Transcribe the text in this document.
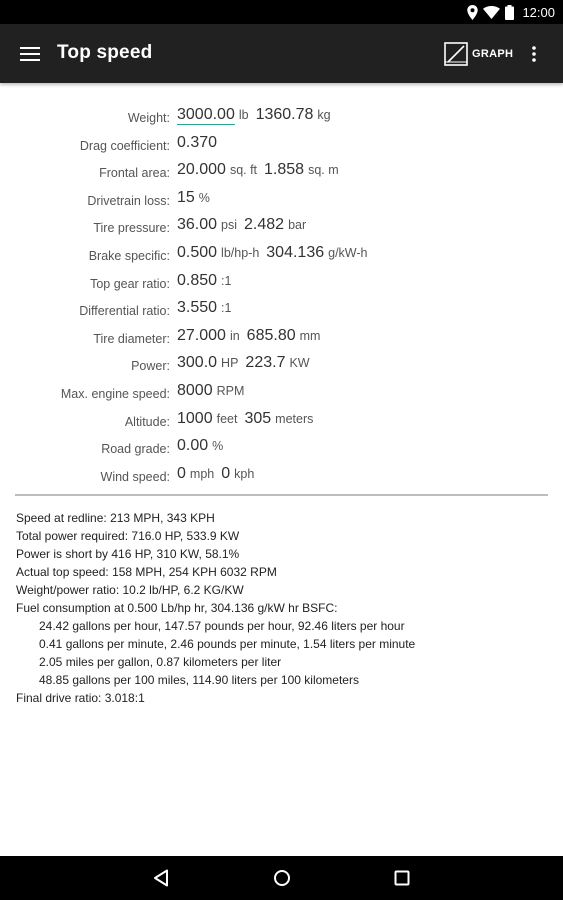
12:00
Top speed	GRAPH
Weight: 3000.00 lb 1360.78 kg
Drag coefficient: 0.370
Frontal area: 20.000 sq. ft 1.858 sq. m
Drivetrain loss: 15 %
Tire pressure: 36.00 psi 2.482 bar
Brake specific: 0.500 lb/hp-h 304.136 g/kW-h
Top gear ratio: 0.850 :1
Differential ratio: 3.550 :1
Tire diameter: 27.000 in 685.80 mm
Power: 300.0 HP 223.7 KW
Max. engine speed: 8000 RPM
Altitude: 1000 feet 305 meters
Road grade: 0.00 %
Wind speed: 0 mph 0 kph
Speed at redline: 213 MPH, 343 KPH
Total power required: 716.0 HP, 533.9 KW
Power is short by 416 HP, 310 KW, 58.1%
Actual top speed: 158 MPH, 254 KPH 6032 RPM
Weight/power ratio: 10.2 lb/HP, 6.2 KG/KW
Fuel consumption at 0.500 Lb/hp hr, 304.136 g/kW hr BSFC:
24.42 gallons per hour, 147.57 pounds per hour, 92.46 liters per hour
0.41 gallons per minute, 2.46 pounds per minute, 1.54 liters per minute
2.05 miles per gallon, 0.87 kilometers per liter
48.85 gallons per 100 miles, 114.90 liters per 100 kilometers
Final drive ratio: 3.018:1
